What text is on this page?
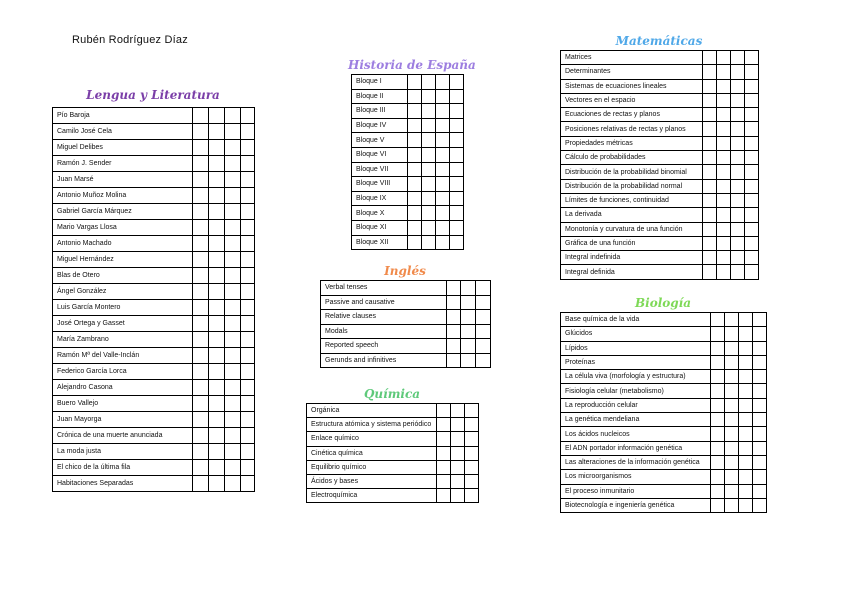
Rubén Rodríguez Díaz
Lengua y Literatura
Pío Baroja				
Camilo José Cela				
Miguel Delibes				
Ramón J. Sender				
Juan Marsé				
Antonio Muñoz Molina				
Gabriel García Márquez				
Mario Vargas Llosa				
Antonio Machado				
Miguel Hernández				
Blas de Otero				
Ángel González				
Luis García Montero				
José Ortega y Gasset				
María Zambrano				
Ramón Mª del Valle-Inclán				
Federico García Lorca				
Alejandro Casona				
Buero Vallejo				
Juan Mayorga				
Crónica de una muerte anunciada				
La moda justa				
El chico de la última fila				
Habitaciones Separadas				
Historia de España
Bloque I				
Bloque II				
Bloque III				
Bloque IV				
Bloque V				
Bloque VI				
Bloque VII				
Bloque VIII				
Bloque IX				
Bloque X				
Bloque XI				
Bloque XII				
Inglés
Verbal tenses			
Passive and causative			
Relative clauses			
Modals			
Reported speech			
Gerunds and infinitives			
Química
Orgánica			
Estructura atómica y sistema periódico			
Enlace químico			
Cinética química			
Equilibrio químico			
Ácidos y bases			
Electroquímica			
Matemáticas
Matrices				
Determinantes				
Sistemas de ecuaciones lineales				
Vectores en el espacio				
Ecuaciones de rectas y planos				
Posiciones relativas de rectas y planos				
Propiedades métricas				
Cálculo de probabilidades				
Distribución de la probabilidad binomial				
Distribución de la probabilidad normal				
Límites de funciones, continuidad				
La derivada				
Monotonía y curvatura de una función				
Gráfica de una función				
Integral indefinida				
Integral definida				
Biología
Base química de la vida				
Glúcidos				
Lípidos				
Proteínas				
La célula viva (morfología y estructura)				
Fisiología celular (metabolismo)				
La reproducción celular				
La genética mendeliana				
Los ácidos nucleicos				
El ADN portador información genética				
Las alteraciones de la información genética				
Los microorganismos				
El proceso inmunitario				
Biotecnología e ingeniería genética				
